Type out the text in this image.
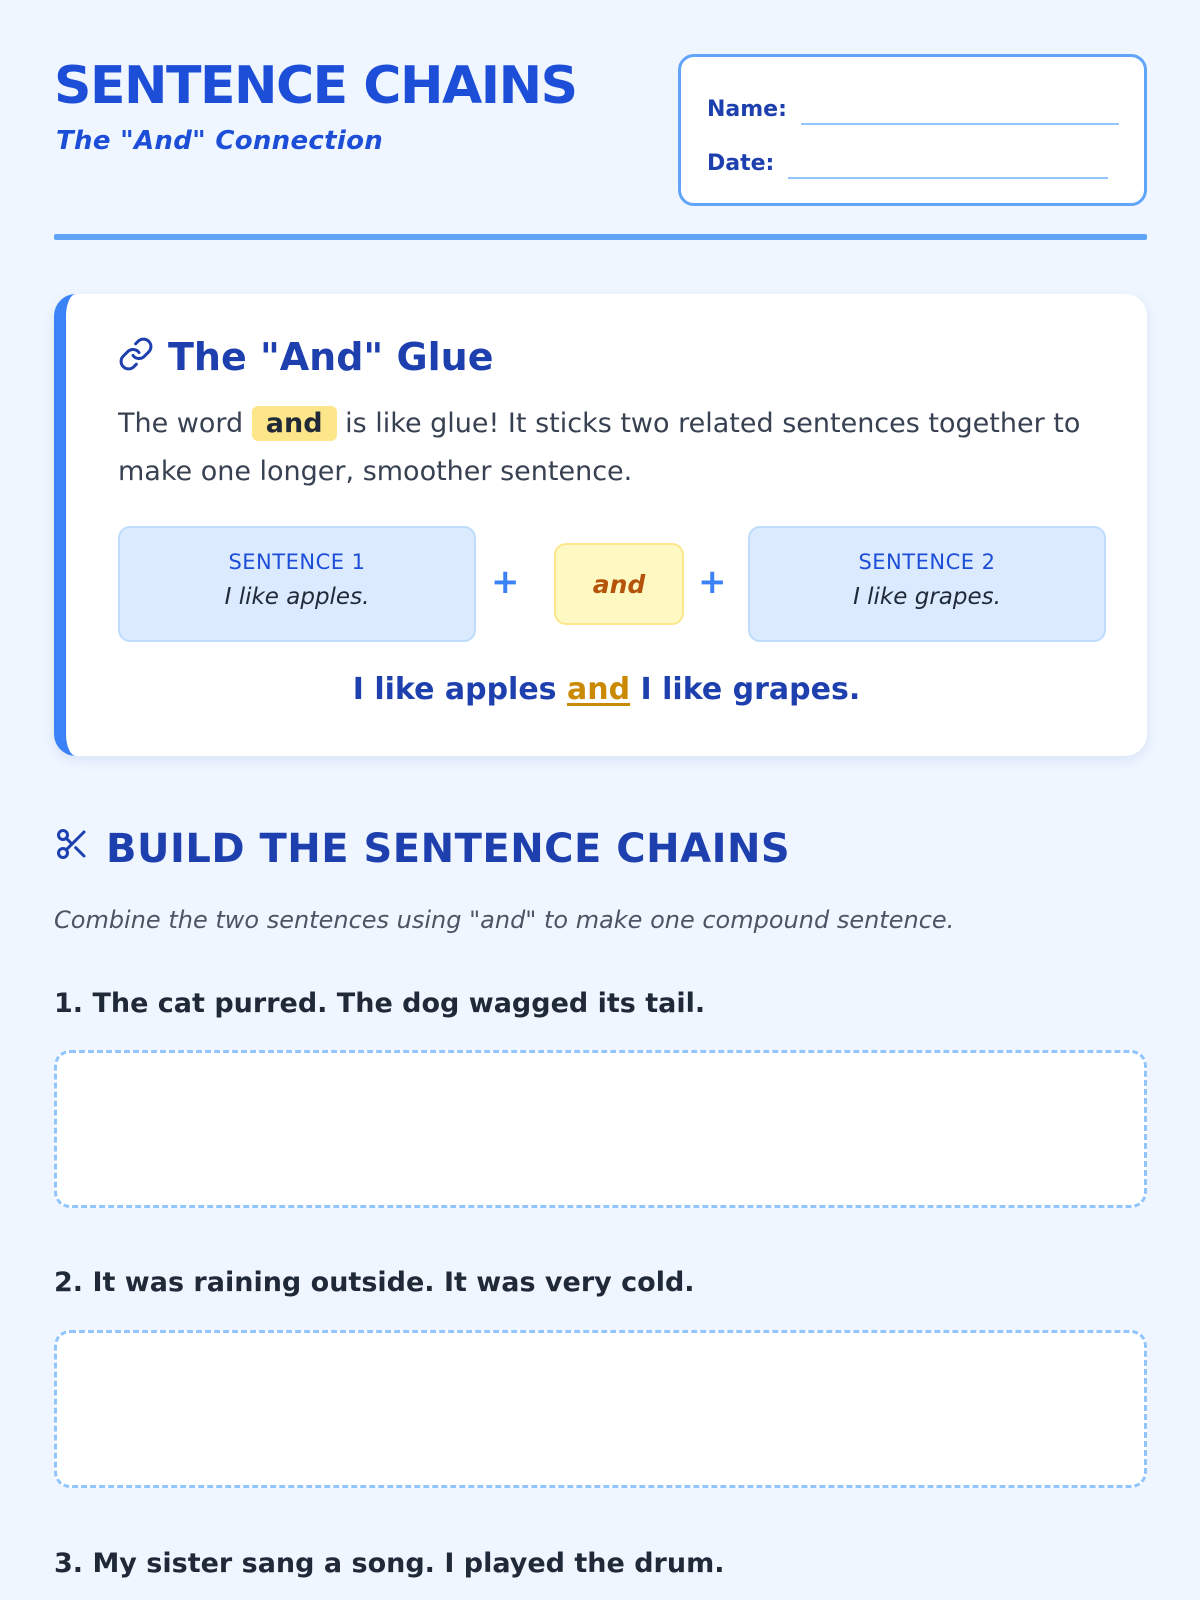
SENTENCE CHAINS
The "And" Connection
Name:
Date:
The "And" Glue

The word and is like glue! It sticks two related sentences together to make one longer, smoother sentence.

SENTENCE 1
I like apples.	+	and	+	SENTENCE 2
I like grapes.
I like apples and I like grapes.
BUILD THE SENTENCE CHAINS
Combine the two sentences using "and" to make one compound sentence.
1. The cat purred. The dog wagged its tail.
2. It was raining outside. It was very cold.
3. My sister sang a song. I played the drum.
